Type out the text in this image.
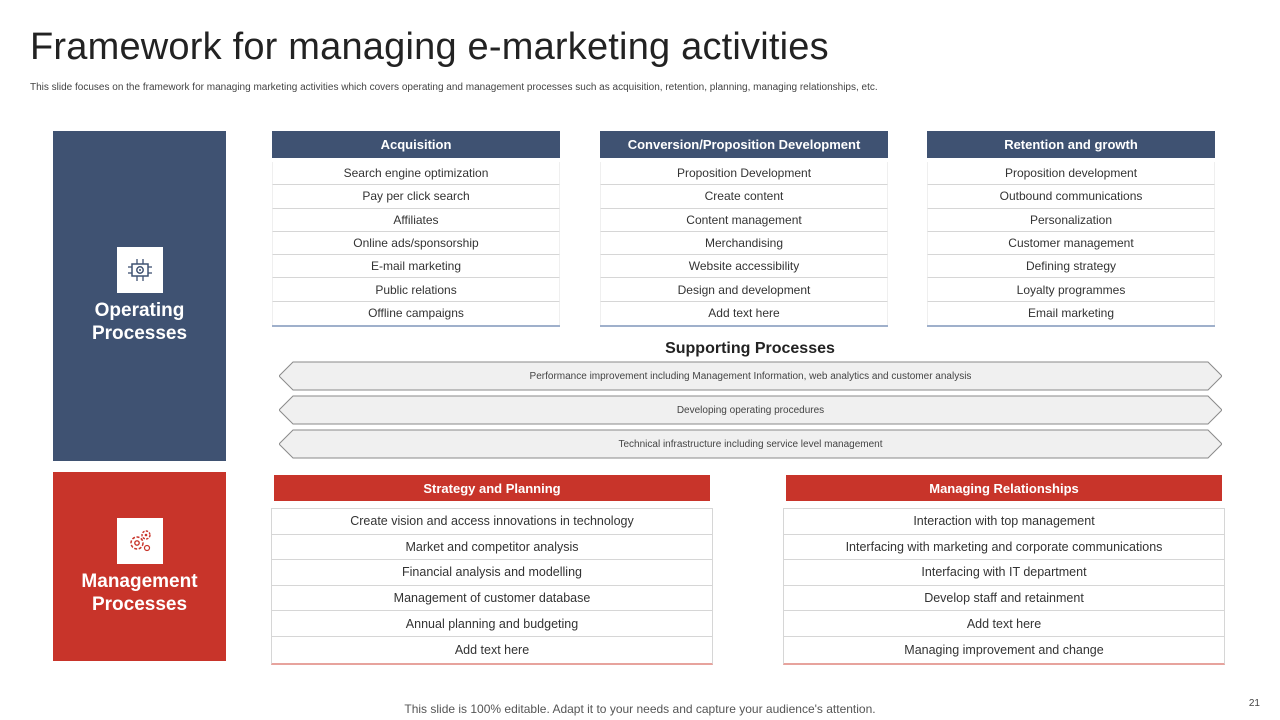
Framework for managing e-marketing activities
This slide focuses on the framework for managing marketing activities which covers operating and management processes such as acquisition, retention, planning, managing relationships, etc.
Operating
Processes
Management
Processes
Acquisition
Search engine optimization
Pay per click search
Affiliates
Online ads/sponsorship
E-mail marketing
Public relations
Offline campaigns
Conversion/Proposition Development
Proposition Development
Create content
Content management
Merchandising
Website accessibility
Design and development
Add text here
Retention and growth
Proposition development
Outbound communications
Personalization
Customer management
Defining strategy
Loyalty programmes
Email marketing
Supporting Processes
Performance improvement including Management Information, web analytics and customer analysis
Developing operating procedures
Technical infrastructure including service level management
Strategy and Planning
Create vision and access innovations in technology
Market and competitor analysis
Financial analysis and modelling
Management of customer database
Annual planning and budgeting
Add text here
Managing Relationships
Interaction with top management
Interfacing with marketing and corporate communications
Interfacing with IT department
Develop staff and retainment
Add text here
Managing improvement and change
This slide is 100% editable. Adapt it to your needs and capture your audience's attention.	21
